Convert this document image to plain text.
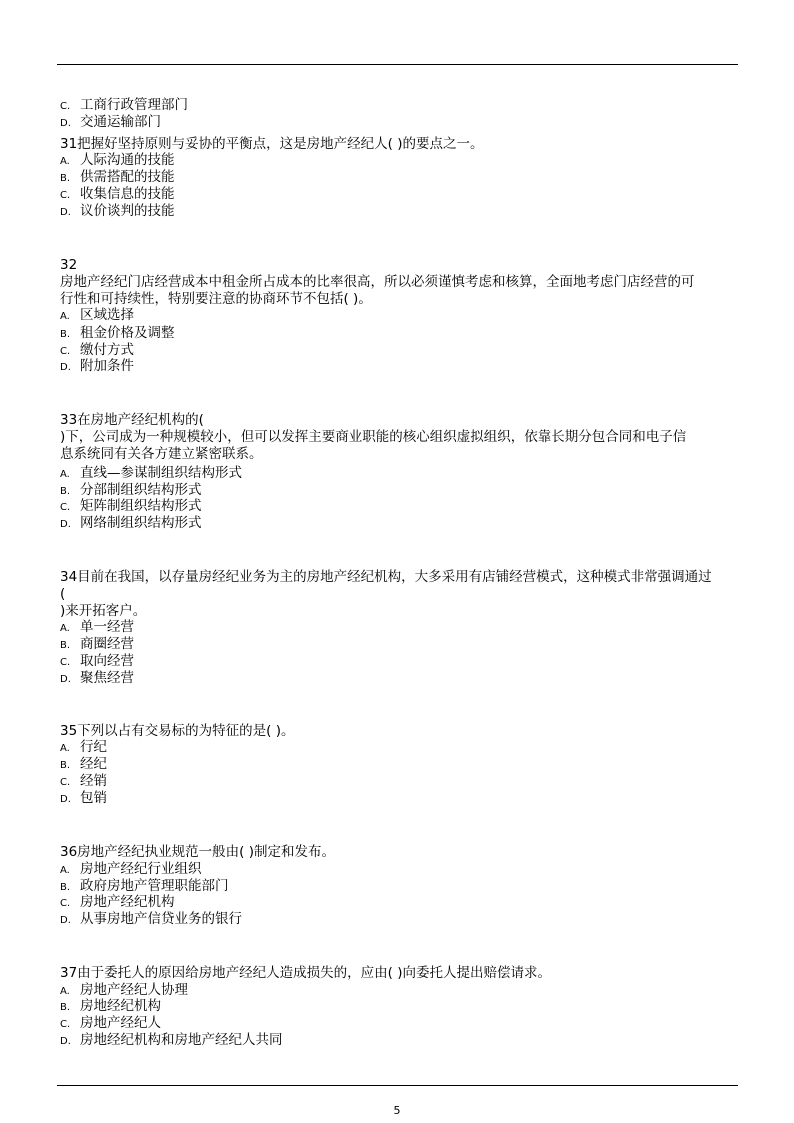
C. 工商行政管理部门
D. 交通运输部门
31把握好坚持原则与妥协的平衡点，这是房地产经纪人( )的要点之一。
A. 人际沟通的技能
B. 供需搭配的技能
C. 收集信息的技能
D. 议价谈判的技能
32
房地产经纪门店经营成本中租金所占成本的比率很高，所以必须谨慎考虑和核算，全面地考虑门店经营的可
行性和可持续性，特别要注意的协商环节不包括( )。
A. 区域选择
B. 租金价格及调整
C. 缴付方式
D. 附加条件
33在房地产经纪机构的(
)下，公司成为一种规模较小，但可以发挥主要商业职能的核心组织虚拟组织，依靠长期分包合同和电子信
息系统同有关各方建立紧密联系。
A. 直线—参谋制组织结构形式
B. 分部制组织结构形式
C. 矩阵制组织结构形式
D. 网络制组织结构形式
34目前在我国，以存量房经纪业务为主的房地产经纪机构，大多采用有店铺经营模式，这种模式非常强调通过
(
)来开拓客户。
A. 单一经营
B. 商圈经营
C. 取向经营
D. 聚焦经营
35下列以占有交易标的为特征的是( )。
A. 行纪
B. 经纪
C. 经销
D. 包销
36房地产经纪执业规范一般由( )制定和发布。
A. 房地产经纪行业组织
B. 政府房地产管理职能部门
C. 房地产经纪机构
D. 从事房地产信贷业务的银行
37由于委托人的原因给房地产经纪人造成损失的，应由( )向委托人提出赔偿请求。
A. 房地产经纪人协理
B. 房地经纪机构
C. 房地产经纪人
D. 房地经纪机构和房地产经纪人共同
5
